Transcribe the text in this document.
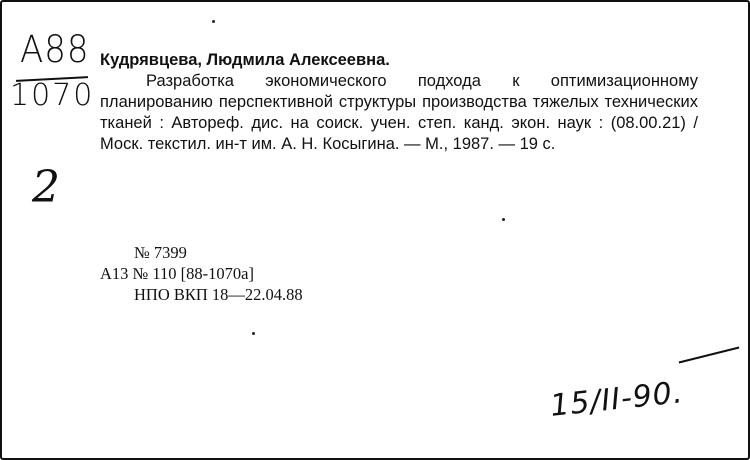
A88
1070
2

Кудрявцева, Людмила Алексеевна.

Разработка экономического подхода к оптимизационному планированию перспективной структуры производства тяжелых технических тканей : Автореф. дис. на соиск. учен. степ. канд. экон. наук : (08.00.21) / Моск. текстил. ин-т им. А. Н. Косыгина. — М., 1987. — 19 с.

№ 7399
А13 № 110 [88-1070а]
НПО ВКП 18—22.04.88
15/II-90.
